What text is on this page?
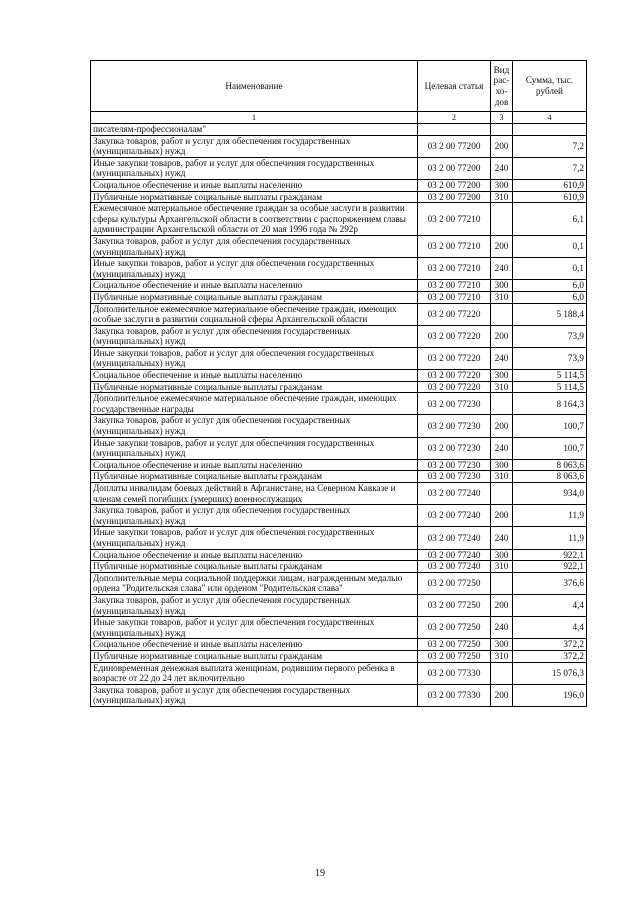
Наименование	Целевая статья	Вид рас-хо-дов	Сумма, тыс. рублей
1	2	3	4
писателям-профессионалам"			
Закупка товаров, работ и услуг для обеспечения государственных (муниципальных) нужд	03 2 00 77200	200	7,2
Иные закупки товаров, работ и услуг для обеспечения государственных (муниципальных) нужд	03 2 00 77200	240	7,2
Социальное обеспечение и иные выплаты населению	03 2 00 77200	300	610,9
Публичные нормативные социальные выплаты гражданам	03 2 00 77200	310	610,9
Ежемесячное материальное обеспечение граждан за особые заслуги в развитии сферы культуры Архангельской области в соответствии с распоряжением главы администрации Архангельской области от 20 мая 1996 года № 292р	03 2 00 77210		6,1
Закупка товаров, работ и услуг для обеспечения государственных (муниципальных) нужд	03 2 00 77210	200	0,1
Иные закупки товаров, работ и услуг для обеспечения государственных (муниципальных) нужд	03 2 00 77210	240	0,1
Социальное обеспечение и иные выплаты населению	03 2 00 77210	300	6,0
Публичные нормативные социальные выплаты гражданам	03 2 00 77210	310	6,0
Дополнительное ежемесячное материальное обеспечение граждан, имеющих особые заслуги в развитии социальной сферы Архангельской области	03 2 00 77220		5 188,4
Закупка товаров, работ и услуг для обеспечения государственных (муниципальных) нужд	03 2 00 77220	200	73,9
Иные закупки товаров, работ и услуг для обеспечения государственных (муниципальных) нужд	03 2 00 77220	240	73,9
Социальное обеспечение и иные выплаты населению	03 2 00 77220	300	5 114,5
Публичные нормативные социальные выплаты гражданам	03 2 00 77220	310	5 114,5
Дополнительное ежемесячное материальное обеспечение граждан, имеющих государственные награды	03 2 00 77230		8 164,3
Закупка товаров, работ и услуг для обеспечения государственных (муниципальных) нужд	03 2 00 77230	200	100,7
Иные закупки товаров, работ и услуг для обеспечения государственных (муниципальных) нужд	03 2 00 77230	240	100,7
Социальное обеспечение и иные выплаты населению	03 2 00 77230	300	8 063,6
Публичные нормативные социальные выплаты гражданам	03 2 00 77230	310	8 063,6
Доплаты инвалидам боевых действий в Афганистане, на Северном Кавказе и членам семей погибших (умерших) военнослужащих	03 2 00 77240		934,0
Закупка товаров, работ и услуг для обеспечения государственных (муниципальных) нужд	03 2 00 77240	200	11,9
Иные закупки товаров, работ и услуг для обеспечения государственных (муниципальных) нужд	03 2 00 77240	240	11,9
Социальное обеспечение и иные выплаты населению	03 2 00 77240	300	922,1
Публичные нормативные социальные выплаты гражданам	03 2 00 77240	310	922,1
Дополнительные меры социальной поддержки лицам, награжденным медалью ордена "Родительская слава" или орденом "Родительская слава"	03 2 00 77250		376,6
Закупка товаров, работ и услуг для обеспечения государственных (муниципальных) нужд	03 2 00 77250	200	4,4
Иные закупки товаров, работ и услуг для обеспечения государственных (муниципальных) нужд	03 2 00 77250	240	4,4
Социальное обеспечение и иные выплаты населению	03 2 00 77250	300	372,2
Публичные нормативные социальные выплаты гражданам	03 2 00 77250	310	372,2
Единовременная денежная выплата женщинам, родившим первого ребенка в возрасте от 22 до 24 лет включительно	03 2 00 77330		15 076,3
Закупка товаров, работ и услуг для обеспечения государственных (муниципальных) нужд	03 2 00 77330	200	196,0
19
